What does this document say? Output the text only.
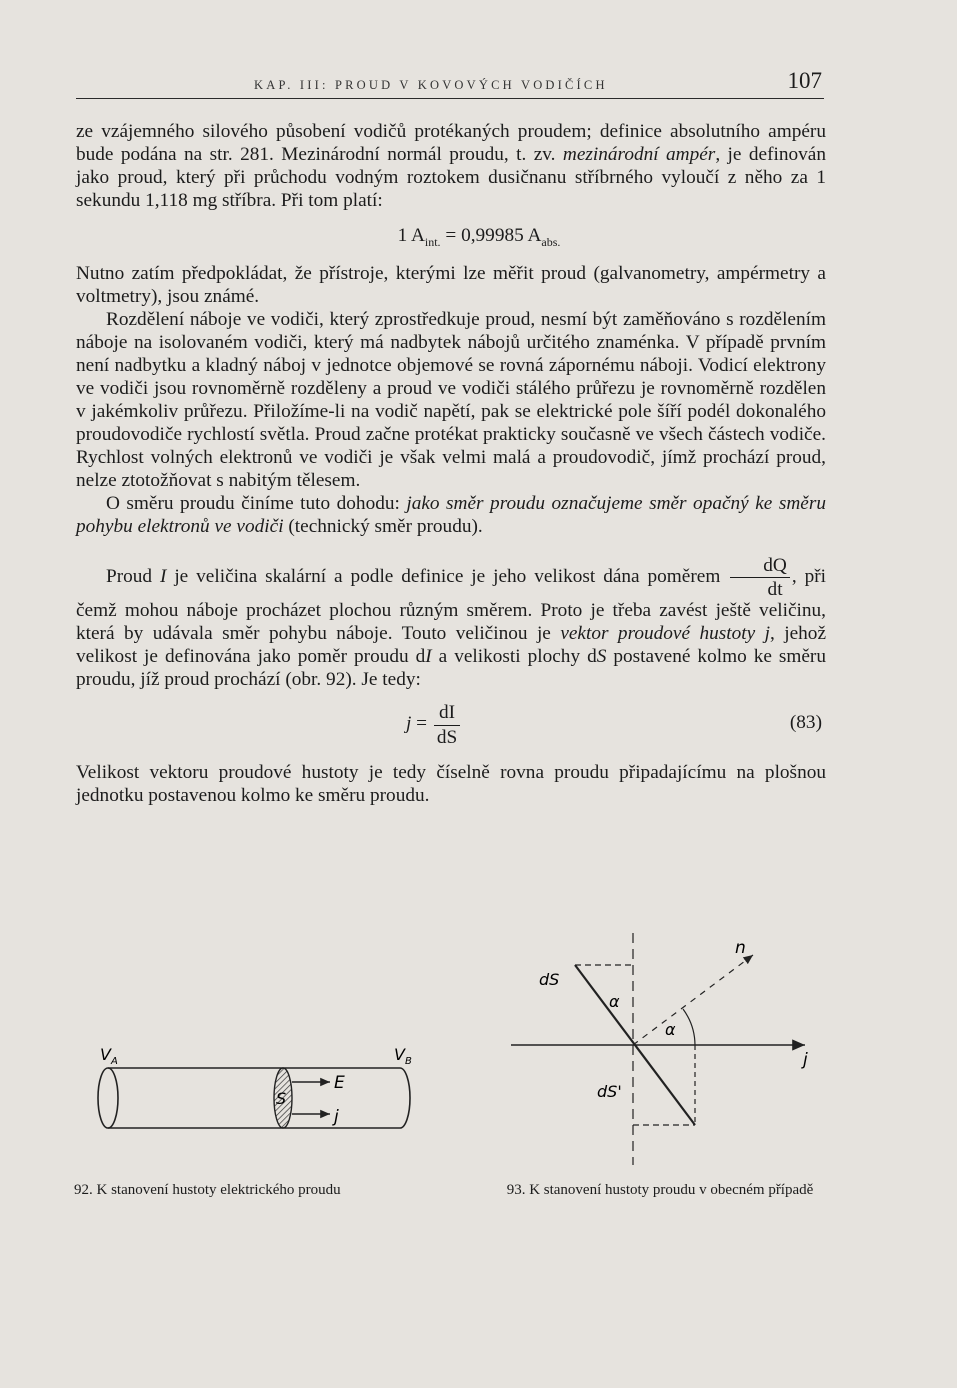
KAP. III: PROUD V KOVOVÝCH VODIČÍCH	107

ze vzájemného silového působení vodičů protékaných proudem; definice absolutního ampéru bude podána na str. 281. Mezinárodní normál proudu, t. zv. mezinárodní ampér, je definován jako proud, který při průchodu vodným roztokem dusičnanu stříbrného vyloučí z něho za 1 sekundu 1,118 mg stříbra. Při tom platí:

1 $A_{int.} = 0,99985$ $A_{abs.}$

Nutno zatím předpokládat, že přístroje, kterými lze měřit proud (galvanometry, ampérmetry a voltmetry), jsou známé.

Rozdělení náboje ve vodiči, který zprostředkuje proud, nesmí být zaměňováno s rozdělením náboje na isolovaném vodiči, který má nadbytek nábojů určitého znaménka. V případě prvním není nadbytku a kladný náboj v jednotce objemové se rovná zápornému náboji. Vodicí elektrony ve vodiči jsou rovnoměrně rozděleny a proud ve vodiči stálého průřezu je rovnoměrně rozdělen v jakémkoliv průřezu. Přiložíme-li na vodič napětí, pak se elektrické pole šíří podél dokonalého proudovodiče rychlostí světla. Proud začne protékat prakticky současně ve všech částech vodiče. Rychlost volných elektronů ve vodiči je však velmi malá a proudovodič, jímž prochází proud, nelze ztotožňovat s nabitým tělesem.

O směru proudu činíme tuto dohodu: jako směr proudu označujeme směr opačný ke směru pohybu elektronů ve vodiči (technický směr proudu).

Proud I je veličina skalární a podle definice je jeho velikost dána poměrem $\frac{dQ}{dt}$ , při čemž mohou náboje procházet plochou různým směrem. Proto je třeba zavést ještě veličinu, která by udávala směr pohybu náboje. Touto veličinou je vektor proudové hustoty j, jehož velikost je definována jako poměr proudu dI a velikosti plochy dS postavené kolmo ke směru proudu, jíž proud prochází (obr. 92). Je tedy:

$j = \frac{dI}{dS}$	(83)

Velikost vektoru proudové hustoty je tedy číselně rovna proudu připadajícímu na plošnou jednotku postavenou kolmo ke směru proudu.

$V_A$	$V_B$
S
E
j
92. K stanovení hustoty elektrického proudu
n
dS
α
α
dS'
j
93. K stanovení hustoty proudu v obecném případě
